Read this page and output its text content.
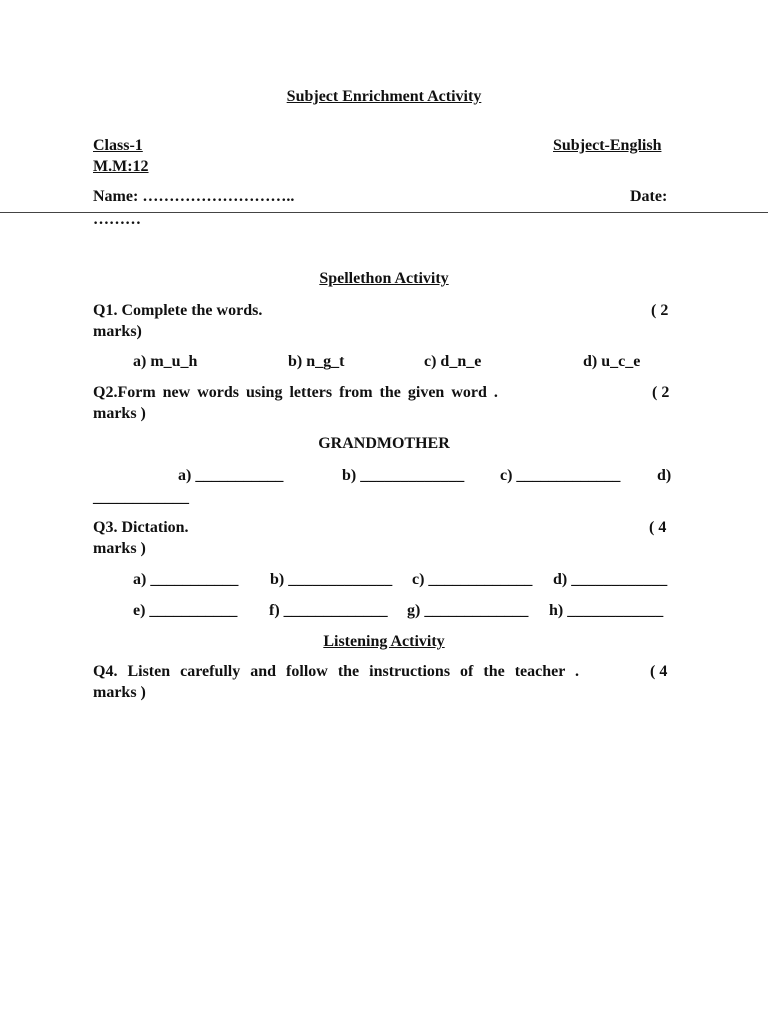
Subject Enrichment Activity
Class-1	Subject-English
M.M:12
Name: ………………………..	Date:
………
Spellethon Activity
Q1. Complete the words.	( 2
marks)
a) m_u_h	b) n_g_t	c) d_n_e	d) u_c_e
Q2.Form new words using letters from the given word .	( 2
marks )
GRANDMOTHER
a) ___________	b) _____________ c) _____________ d)
____________
Q3. Dictation.	( 4
marks )
a) ___________ b) _____________ c) _____________ d) ____________
e) ___________ f) _____________ g) _____________ h) ____________
Listening Activity
Q4. Listen carefully and follow the instructions of the teacher .	( 4
marks )
